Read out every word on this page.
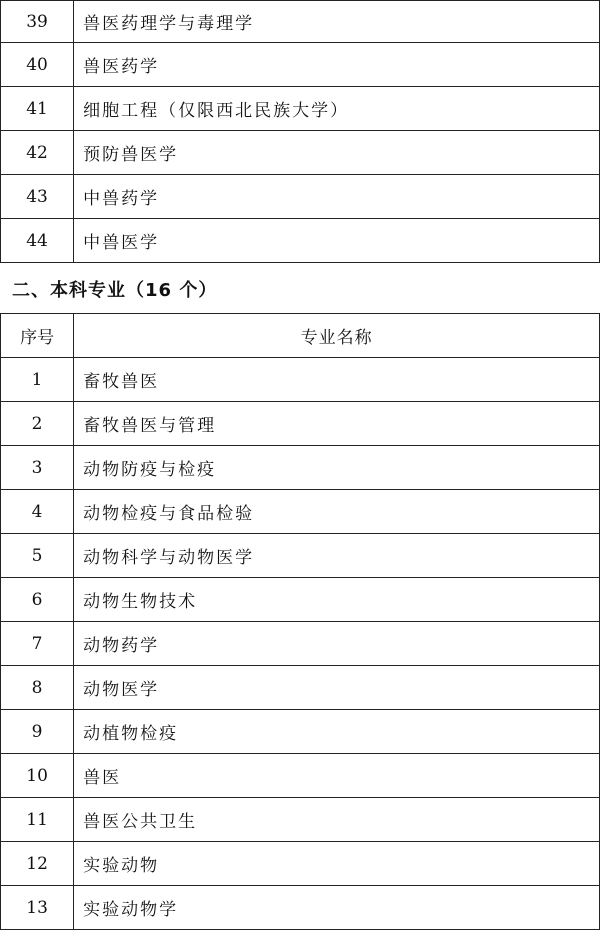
39	兽医药理学与毒理学
40	兽医药学
41	细胞工程（仅限西北民族大学）
42	预防兽医学
43	中兽药学
44	中兽医学
二、本科专业（16 个）
序号	专业名称
1	畜牧兽医
2	畜牧兽医与管理
3	动物防疫与检疫
4	动物检疫与食品检验
5	动物科学与动物医学
6	动物生物技术
7	动物药学
8	动物医学
9	动植物检疫
10	兽医
11	兽医公共卫生
12	实验动物
13	实验动物学
